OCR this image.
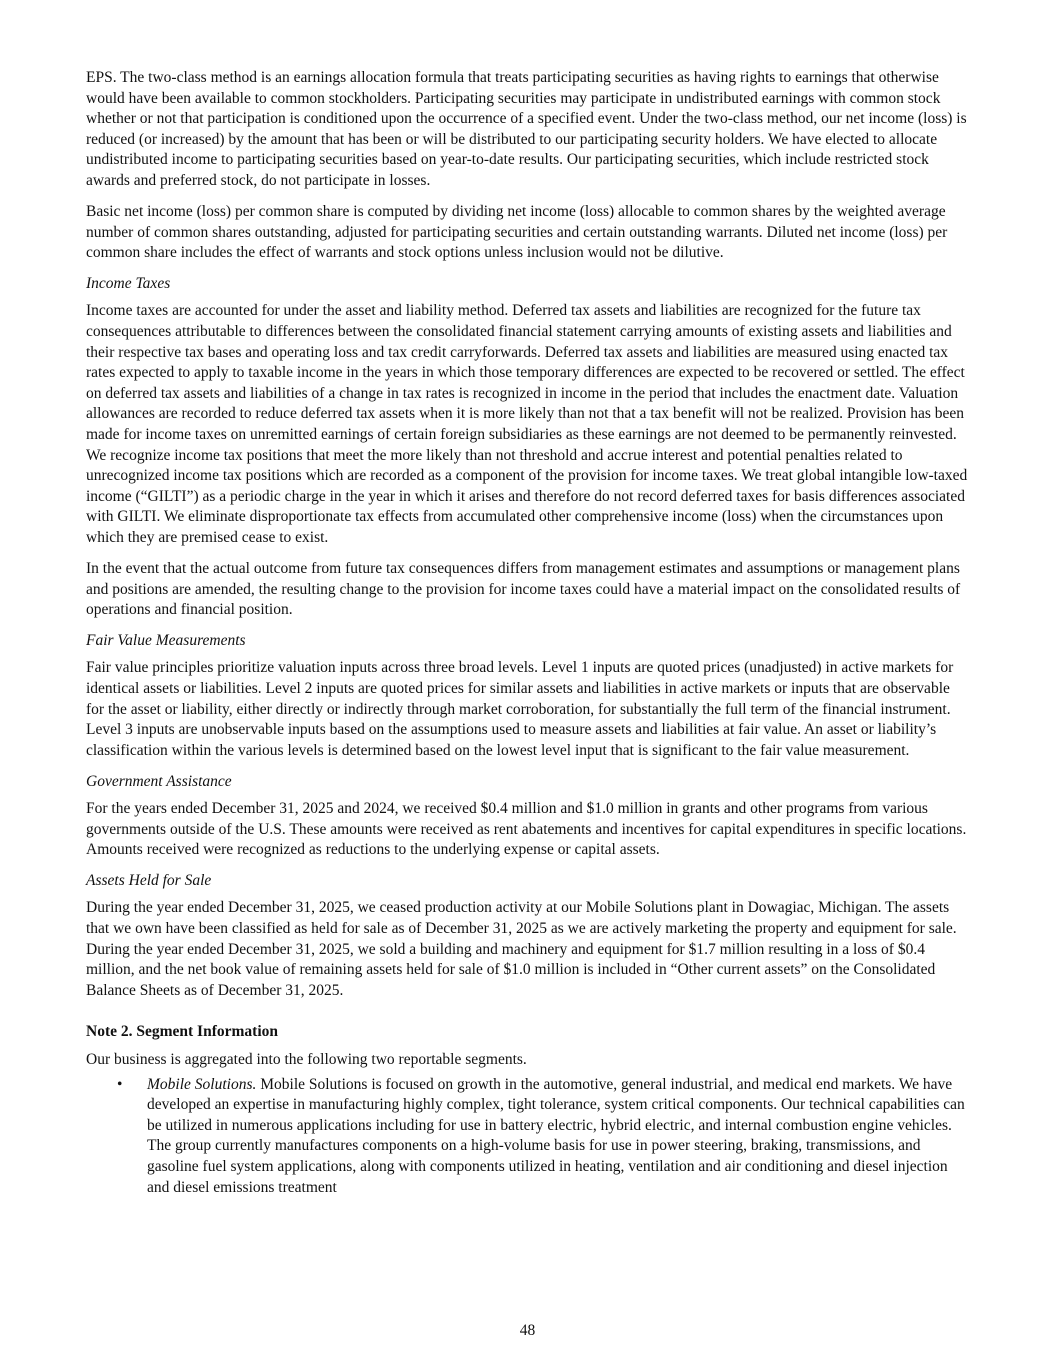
EPS. The two-class method is an earnings allocation formula that treats participating securities as having rights to earnings that otherwise would have been available to common stockholders. Participating securities may participate in undistributed earnings with common stock whether or not that participation is conditioned upon the occurrence of a specified event. Under the two-class method, our net income (loss) is reduced (or increased) by the amount that has been or will be distributed to our participating security holders. We have elected to allocate undistributed income to participating securities based on year-to-date results. Our participating securities, which include restricted stock awards and preferred stock, do not participate in losses.

Basic net income (loss) per common share is computed by dividing net income (loss) allocable to common shares by the weighted average number of common shares outstanding, adjusted for participating securities and certain outstanding warrants. Diluted net income (loss) per common share includes the effect of warrants and stock options unless inclusion would not be dilutive.

Income Taxes

Income taxes are accounted for under the asset and liability method. Deferred tax assets and liabilities are recognized for the future tax consequences attributable to differences between the consolidated financial statement carrying amounts of existing assets and liabilities and their respective tax bases and operating loss and tax credit carryforwards. Deferred tax assets and liabilities are measured using enacted tax rates expected to apply to taxable income in the years in which those temporary differences are expected to be recovered or settled. The effect on deferred tax assets and liabilities of a change in tax rates is recognized in income in the period that includes the enactment date. Valuation allowances are recorded to reduce deferred tax assets when it is more likely than not that a tax benefit will not be realized. Provision has been made for income taxes on unremitted earnings of certain foreign subsidiaries as these earnings are not deemed to be permanently reinvested. We recognize income tax positions that meet the more likely than not threshold and accrue interest and potential penalties related to unrecognized income tax positions which are recorded as a component of the provision for income taxes. We treat global intangible low-taxed income (“GILTI”) as a periodic charge in the year in which it arises and therefore do not record deferred taxes for basis differences associated with GILTI. We eliminate disproportionate tax effects from accumulated other comprehensive income (loss) when the circumstances upon which they are premised cease to exist.

In the event that the actual outcome from future tax consequences differs from management estimates and assumptions or management plans and positions are amended, the resulting change to the provision for income taxes could have a material impact on the consolidated results of operations and financial position.

Fair Value Measurements

Fair value principles prioritize valuation inputs across three broad levels. Level 1 inputs are quoted prices (unadjusted) in active markets for identical assets or liabilities. Level 2 inputs are quoted prices for similar assets and liabilities in active markets or inputs that are observable for the asset or liability, either directly or indirectly through market corroboration, for substantially the full term of the financial instrument. Level 3 inputs are unobservable inputs based on the assumptions used to measure assets and liabilities at fair value. An asset or liability’s classification within the various levels is determined based on the lowest level input that is significant to the fair value measurement.

Government Assistance

For the years ended December 31, 2025 and 2024, we received $0.4 million and $1.0 million in grants and other programs from various governments outside of the U.S. These amounts were received as rent abatements and incentives for capital expenditures in specific locations. Amounts received were recognized as reductions to the underlying expense or capital assets.

Assets Held for Sale

During the year ended December 31, 2025, we ceased production activity at our Mobile Solutions plant in Dowagiac, Michigan. The assets that we own have been classified as held for sale as of December 31, 2025 as we are actively marketing the property and equipment for sale. During the year ended December 31, 2025, we sold a building and machinery and equipment for $1.7 million resulting in a loss of $0.4 million, and the net book value of remaining assets held for sale of $1.0 million is included in “Other current assets” on the Consolidated Balance Sheets as of December 31, 2025.

Note 2. Segment Information

Our business is aggregated into the following two reportable segments.

• Mobile Solutions. Mobile Solutions is focused on growth in the automotive, general industrial, and medical end markets. We have developed an expertise in manufacturing highly complex, tight tolerance, system critical components. Our technical capabilities can be utilized in numerous applications including for use in battery electric, hybrid electric, and internal combustion engine vehicles. The group currently manufactures components on a high-volume basis for use in power steering, braking, transmissions, and gasoline fuel system applications, along with components utilized in heating, ventilation and air conditioning and diesel injection and diesel emissions treatment
48
